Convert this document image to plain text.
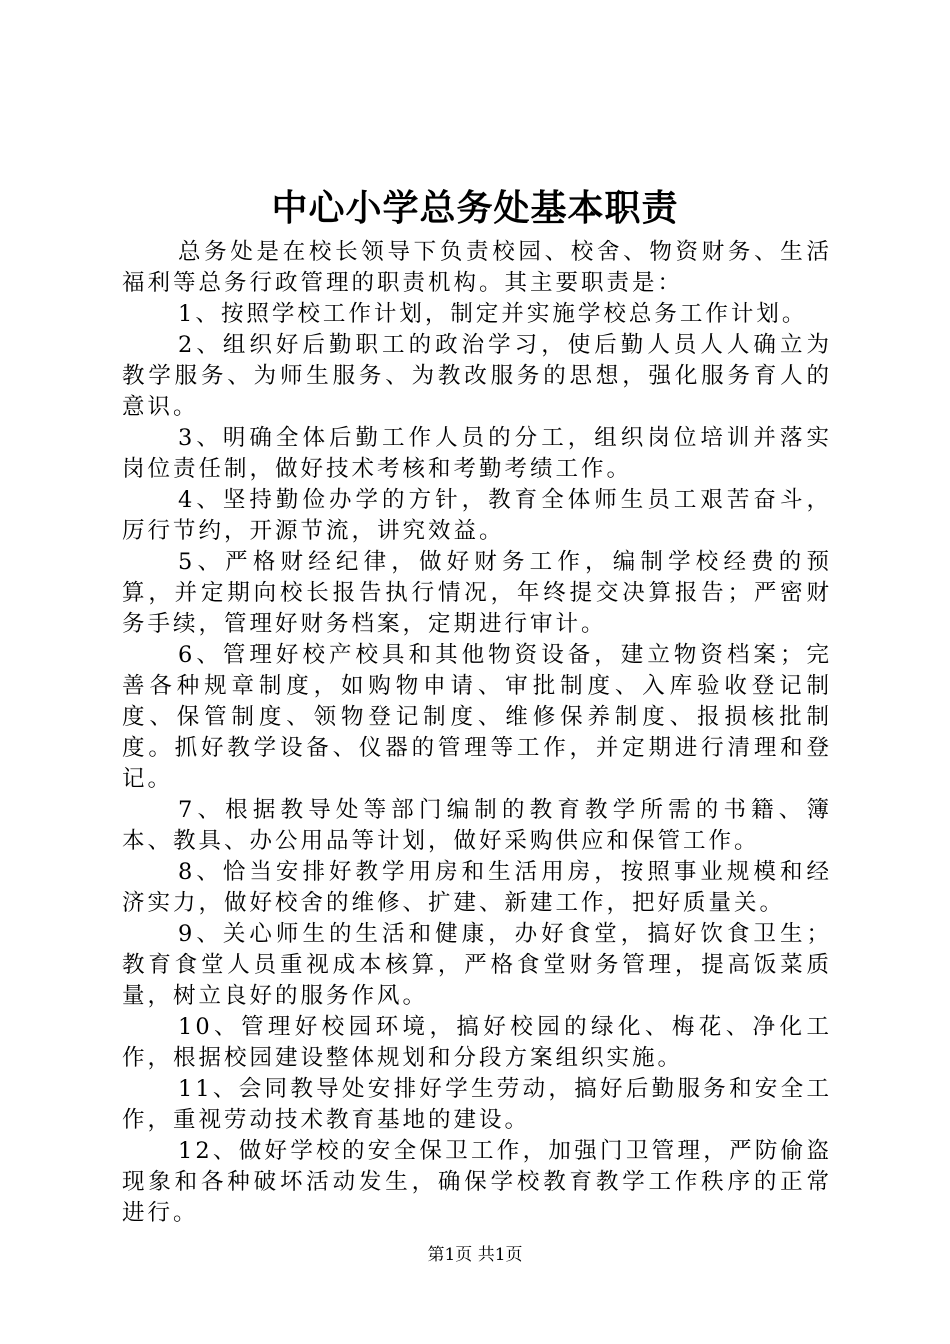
中心小学总务处基本职责

总务处是在校长领导下负责校园、校舍、物资财务、生活福利等总务行政管理的职责机构。其主要职责是：

1、按照学校工作计划，制定并实施学校总务工作计划。

2、组织好后勤职工的政治学习，使后勤人员人人确立为教学服务、为师生服务、为教改服务的思想，强化服务育人的意识。

3、明确全体后勤工作人员的分工，组织岗位培训并落实岗位责任制，做好技术考核和考勤考绩工作。

4、坚持勤俭办学的方针，教育全体师生员工艰苦奋斗，厉行节约，开源节流，讲究效益。

5、严格财经纪律，做好财务工作，编制学校经费的预算，并定期向校长报告执行情况，年终提交决算报告；严密财务手续，管理好财务档案，定期进行审计。

6、管理好校产校具和其他物资设备，建立物资档案；完善各种规章制度，如购物申请、审批制度、入库验收登记制度、保管制度、领物登记制度、维修保养制度、报损核批制度。抓好教学设备、仪器的管理等工作，并定期进行清理和登记。

7、根据教导处等部门编制的教育教学所需的书籍、簿本、教具、办公用品等计划，做好采购供应和保管工作。

8、恰当安排好教学用房和生活用房，按照事业规模和经济实力，做好校舍的维修、扩建、新建工作，把好质量关。

9、关心师生的生活和健康，办好食堂，搞好饮食卫生；教育食堂人员重视成本核算，严格食堂财务管理，提高饭菜质量，树立良好的服务作风。

10、管理好校园环境，搞好校园的绿化、梅花、净化工作，根据校园建设整体规划和分段方案组织实施。

11、会同教导处安排好学生劳动，搞好后勤服务和安全工作，重视劳动技术教育基地的建设。

12、做好学校的安全保卫工作，加强门卫管理，严防偷盗现象和各种破坏活动发生，确保学校教育教学工作秩序的正常进行。

第1页 共1页
